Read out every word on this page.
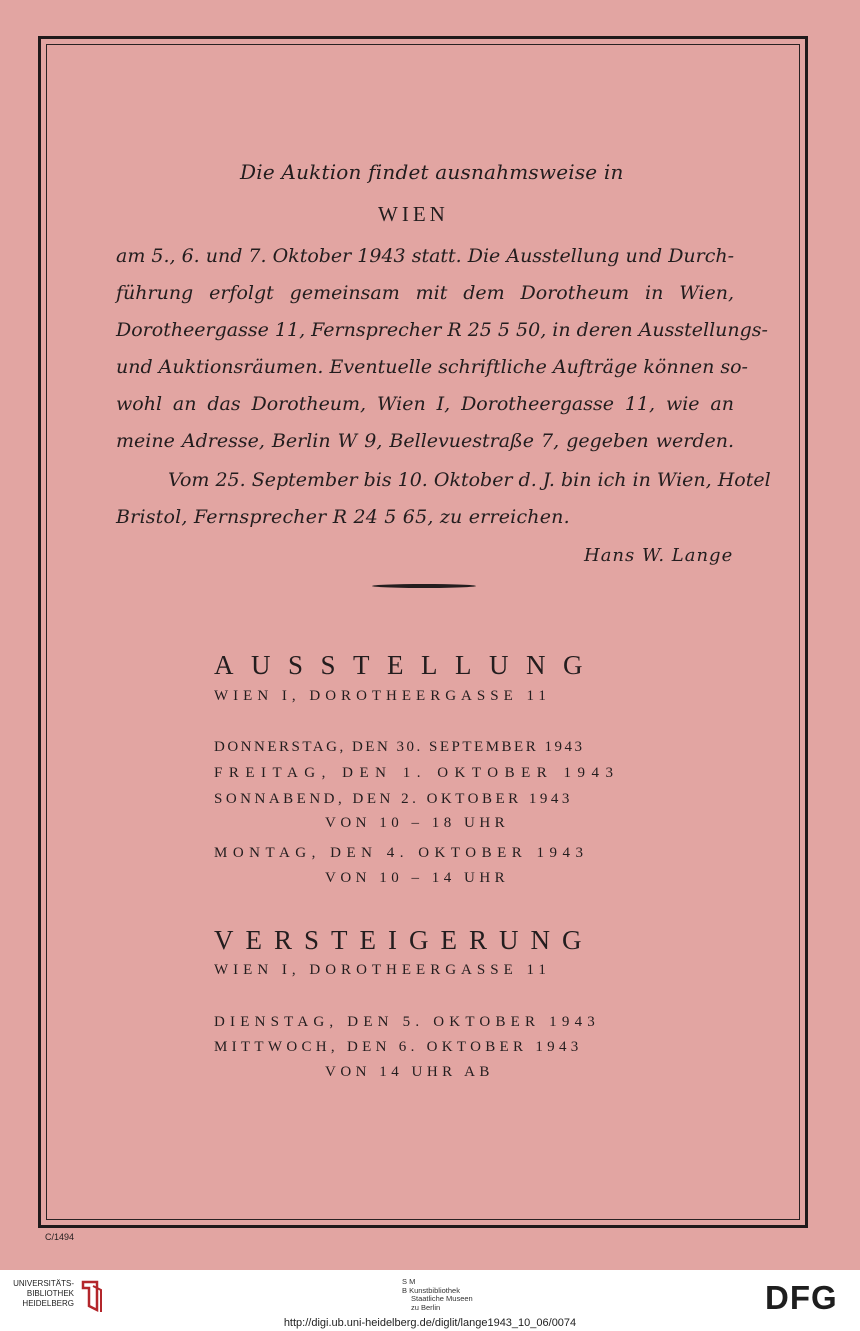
Die Auktion findet ausnahmsweise in
WIEN
am 5., 6. und 7. Oktober 1943 statt. Die Ausstellung und Durch-
führung erfolgt gemeinsam mit dem Dorotheum in Wien,
Dorotheergasse 11, Fernsprecher R 25 5 50, in deren Ausstellungs-
und Auktionsräumen. Eventuelle schriftliche Aufträge können so-
wohl an das Dorotheum, Wien I, Dorotheergasse 11, wie an
meine Adresse, Berlin W 9, Bellevuestraße 7, gegeben werden.
Vom 25. September bis 10. Oktober d. J. bin ich in Wien, Hotel
Bristol, Fernsprecher R 24 5 65, zu erreichen.
Hans W. Lange
AUSSTELLUNG
WIEN I, DOROTHEERGASSE 11
DONNERSTAG, DEN 30. SEPTEMBER 1943
FREITAG, DEN 1. OKTOBER 1943
SONNABEND, DEN 2. OKTOBER 1943
VON 10 – 18 UHR
MONTAG, DEN 4. OKTOBER 1943
VON 10 – 14 UHR
VERSTEIGERUNG
WIEN I, DOROTHEERGASSE 11
DIENSTAG, DEN 5. OKTOBER 1943
MITTWOCH, DEN 6. OKTOBER 1943
VON 14 UHR AB
C/1494
UNIVERSITÄTS-
BIBLIOTHEK
HEIDELBERG
S M
B Kunstbibliothek
Staatliche Museen
zu Berlin	DFG
http://digi.ub.uni-heidelberg.de/diglit/lange1943_10_06/0074
